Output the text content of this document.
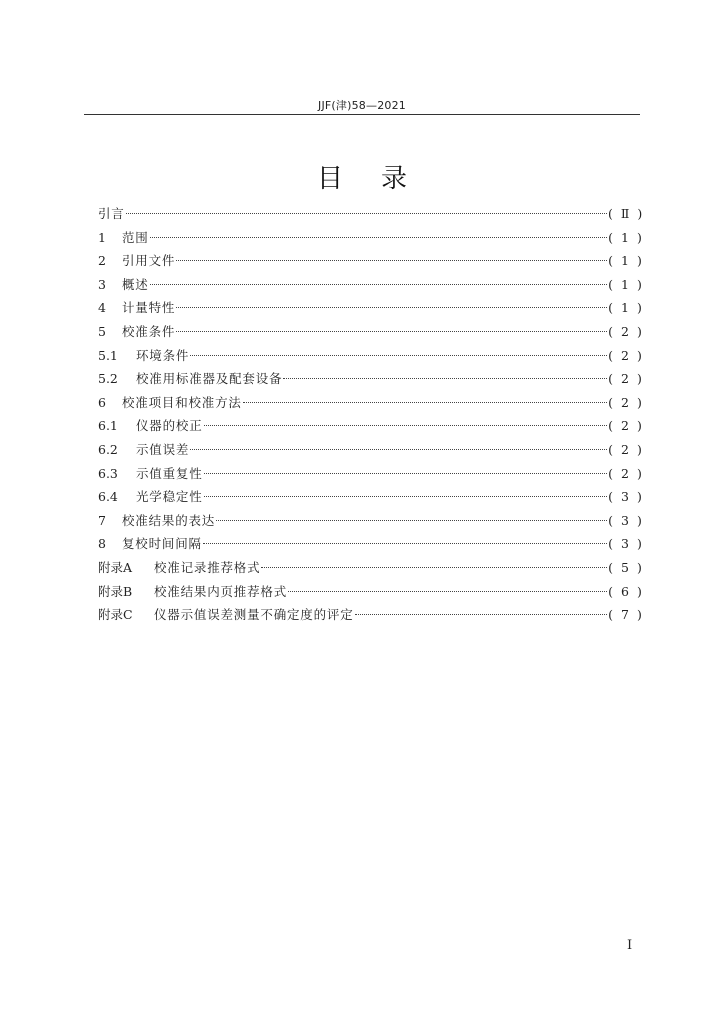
JJF(津)58—2021
目录
引言	( Ⅱ )
1	范围	( 1 )
2	引用文件	( 1 )
3	概述	( 1 )
4	计量特性	( 1 )
5	校准条件	( 2 )
5.1	环境条件	( 2 )
5.2	校准用标准器及配套设备	( 2 )
6	校准项目和校准方法	( 2 )
6.1	仪器的校正	( 2 )
6.2	示值误差	( 2 )
6.3	示值重复性	( 2 )
6.4	光学稳定性	( 3 )
7	校准结果的表达	( 3 )
8	复校时间间隔	( 3 )
附录A	校准记录推荐格式	( 5 )
附录B	校准结果内页推荐格式	( 6 )
附录C	仪器示值误差测量不确定度的评定	( 7 )
I
